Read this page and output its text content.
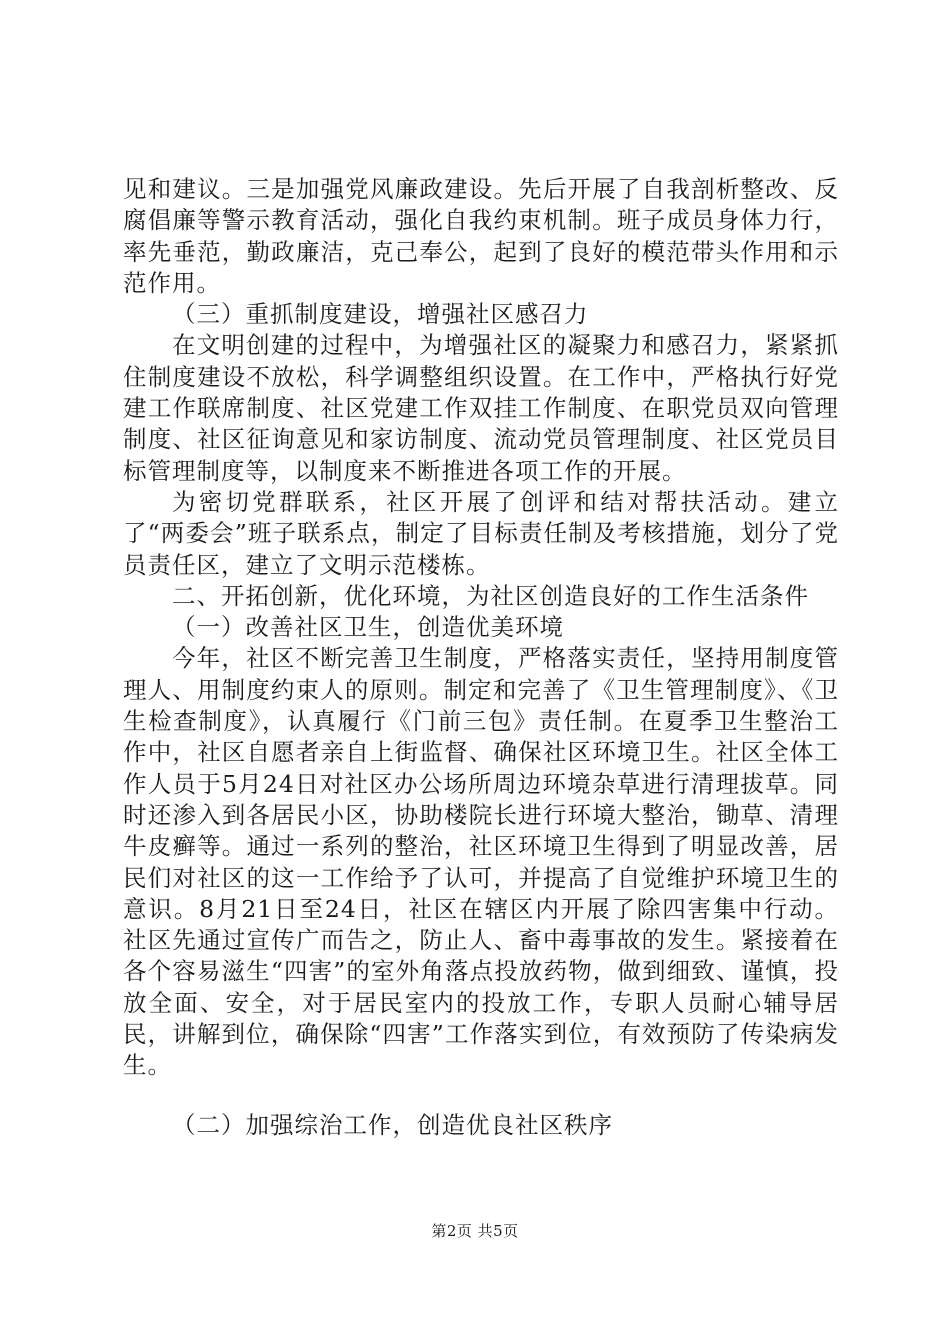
见和建议。三是加强党风廉政建设。先后开展了自我剖析整改、反腐倡廉等警示教育活动，强化自我约束机制。班子成员身体力行，率先垂范，勤政廉洁，克己奉公，起到了良好的模范带头作用和示范作用。

（三）重抓制度建设，增强社区感召力

在文明创建的过程中，为增强社区的凝聚力和感召力，紧紧抓住制度建设不放松，科学调整组织设置。在工作中，严格执行好党建工作联席制度、社区党建工作双挂工作制度、在职党员双向管理制度、社区征询意见和家访制度、流动党员管理制度、社区党员目标管理制度等，以制度来不断推进各项工作的开展。

为密切党群联系，社区开展了创评和结对帮扶活动。建立了“两委会”班子联系点，制定了目标责任制及考核措施，划分了党员责任区，建立了文明示范楼栋。

二、开拓创新，优化环境，为社区创造良好的工作生活条件

（一）改善社区卫生，创造优美环境

今年，社区不断完善卫生制度，严格落实责任，坚持用制度管理人、用制度约束人的原则。制定和完善了《卫生管理制度》、《卫生检查制度》，认真履行《门前三包》责任制。在夏季卫生整治工作中，社区自愿者亲自上街监督、确保社区环境卫生。社区全体工作人员于5月24日对社区办公场所周边环境杂草进行清理拔草。同时还渗入到各居民小区，协助楼院长进行环境大整治，锄草、清理牛皮癣等。通过一系列的整治，社区环境卫生得到了明显改善，居民们对社区的这一工作给予了认可，并提高了自觉维护环境卫生的意识。8月21日至24日，社区在辖区内开展了除四害集中行动。社区先通过宣传广而告之，防止人、畜中毒事故的发生。紧接着在各个容易滋生“四害”的室外角落点投放药物，做到细致、谨慎，投放全面、安全，对于居民室内的投放工作，专职人员耐心辅导居民，讲解到位，确保除“四害”工作落实到位，有效预防了传染病发生。

（二）加强综治工作，创造优良社区秩序

第2页 共5页
